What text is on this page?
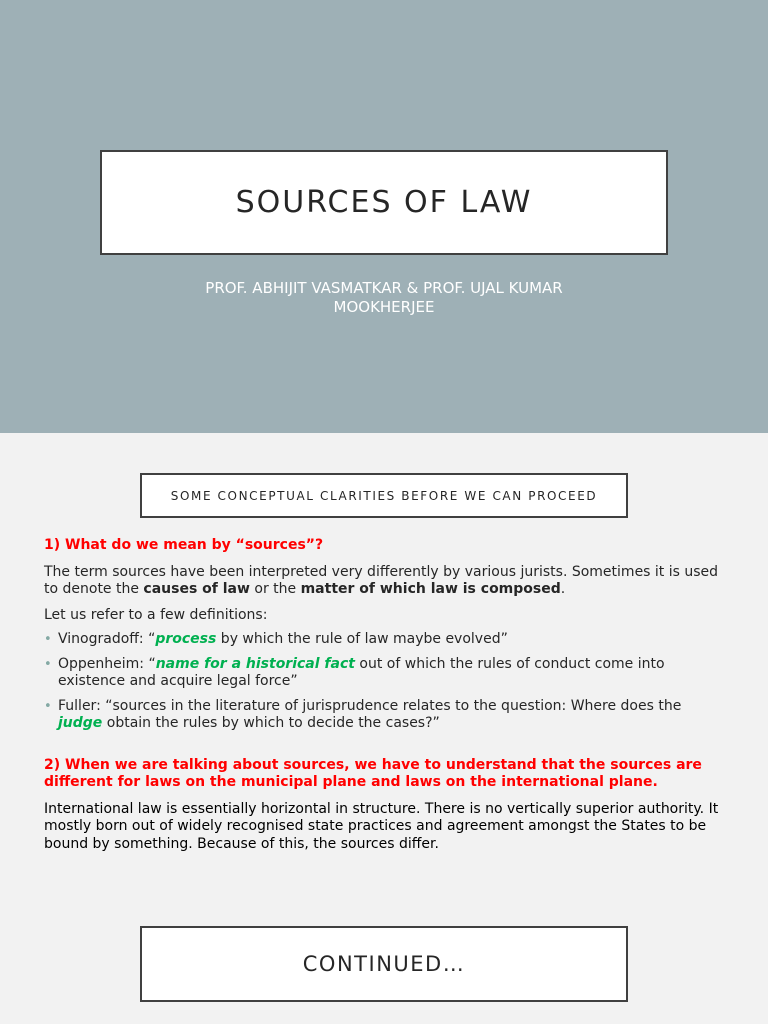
SOURCES OF LAW
PROF. ABHIJIT VASMATKAR & PROF. UJAL KUMAR
MOOKHERJEE
SOME CONCEPTUAL CLARITIES BEFORE WE CAN PROCEED

1) What do we mean by “sources”?

The term sources have been interpreted very differently by various jurists. Sometimes it is used to denote the causes of law or the matter of which law is composed.

Let us refer to a few definitions:

• Vinogradoff: “process by which the rule of law maybe evolved”
• Oppenheim: “name for a historical fact out of which the rules of conduct come into existence and acquire legal force”
• Fuller: “sources in the literature of jurisprudence relates to the question: Where does the judge obtain the rules by which to decide the cases?”

2) When we are talking about sources, we have to understand that the sources are different for laws on the municipal plane and laws on the international plane.

International law is essentially horizontal in structure. There is no vertically superior authority. It mostly born out of widely recognised state practices and agreement amongst the States to be bound by something. Because of this, the sources differ.

CONTINUED…
